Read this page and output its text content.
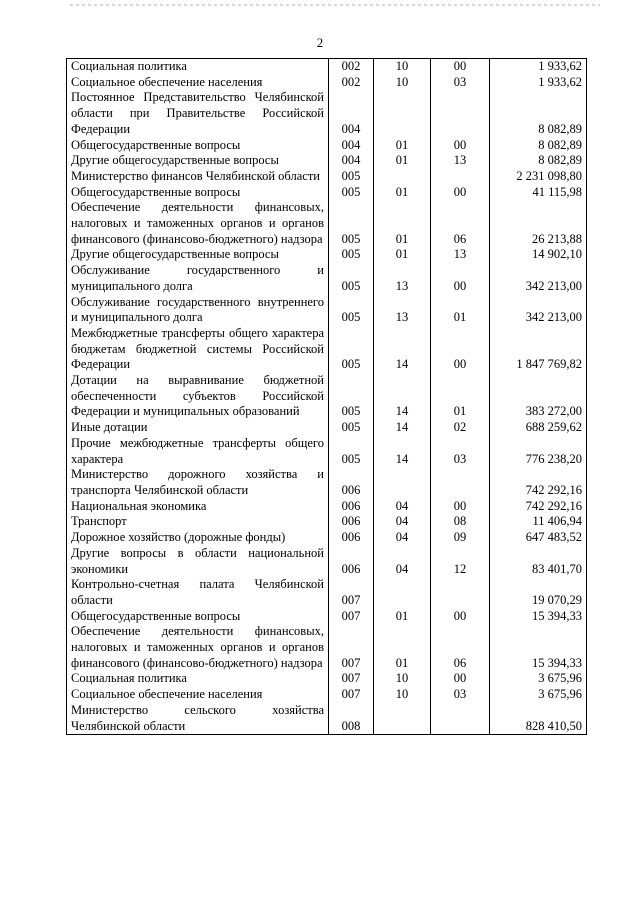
2
Социальная политика	002	10	00	1 933,62
Социальное обеспечение населения	002	10	03	1 933,62
Постоянное Представительство Челябинской области при Правительстве Российской Федерации	004			8 082,89
Общегосударственные вопросы	004	01	00	8 082,89
Другие общегосударственные вопросы	004	01	13	8 082,89
Министерство финансов Челябинской области	005			2 231 098,80
Общегосударственные вопросы	005	01	00	41 115,98
Обеспечение деятельности финансовых, налоговых и таможенных органов и органов финансового (финансово-бюджетного) надзора	005	01	06	26 213,88
Другие общегосударственные вопросы	005	01	13	14 902,10
Обслуживание государственного и муниципального долга	005	13	00	342 213,00
Обслуживание государственного внутреннего и муниципального долга	005	13	01	342 213,00
Межбюджетные трансферты общего характера бюджетам бюджетной системы Российской Федерации	005	14	00	1 847 769,82
Дотации на выравнивание бюджетной обеспеченности субъектов Российской Федерации и муниципальных образований	005	14	01	383 272,00
Иные дотации	005	14	02	688 259,62
Прочие межбюджетные трансферты общего характера	005	14	03	776 238,20
Министерство дорожного хозяйства и транспорта Челябинской области	006			742 292,16
Национальная экономика	006	04	00	742 292,16
Транспорт	006	04	08	11 406,94
Дорожное хозяйство (дорожные фонды)	006	04	09	647 483,52
Другие вопросы в области национальной экономики	006	04	12	83 401,70
Контрольно-счетная палата Челябинской области	007			19 070,29
Общегосударственные вопросы	007	01	00	15 394,33
Обеспечение деятельности финансовых, налоговых и таможенных органов и органов финансового (финансово-бюджетного) надзора	007	01	06	15 394,33
Социальная политика	007	10	00	3 675,96
Социальное обеспечение населения	007	10	03	3 675,96
Министерство сельского хозяйства Челябинской области	008			828 410,50
